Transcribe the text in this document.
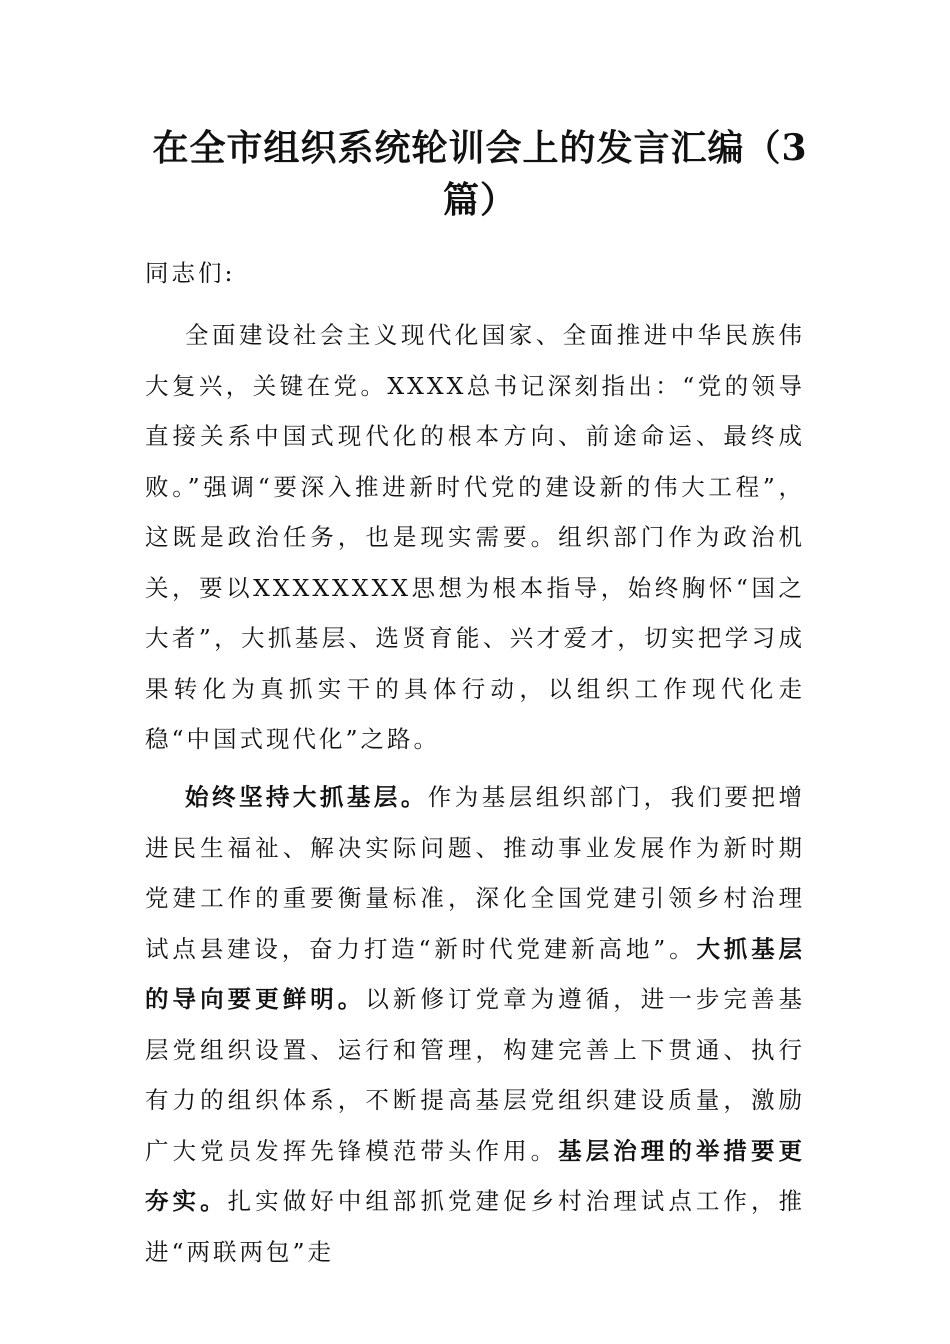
在全市组织系统轮训会上的发言汇编（3篇）

同志们:

全面建设社会主义现代化国家、全面推进中华民族伟大复兴，关键在党。XXXX总书记深刻指出：“党的领导直接关系中国式现代化的根本方向、前途命运、最终成败。”强调“要深入推进新时代党的建设新的伟大工程”，这既是政治任务，也是现实需要。组织部门作为政治机关，要以XXXXXXXX思想为根本指导，始终胸怀“国之大者”，大抓基层、选贤育能、兴才爱才，切实把学习成果转化为真抓实干的具体行动，以组织工作现代化走稳“中国式现代化”之路。

始终坚持大抓基层。作为基层组织部门，我们要把增进民生福祉、解决实际问题、推动事业发展作为新时期党建工作的重要衡量标准，深化全国党建引领乡村治理试点县建设，奋力打造“新时代党建新高地”。大抓基层的导向要更鲜明。以新修订党章为遵循，进一步完善基层党组织设置、运行和管理，构建完善上下贯通、执行有力的组织体系，不断提高基层党组织建设质量，激励广大党员发挥先锋模范带头作用。基层治理的举措要更夯实。扎实做好中组部抓党建促乡村治理试点工作，推进“两联两包”走
